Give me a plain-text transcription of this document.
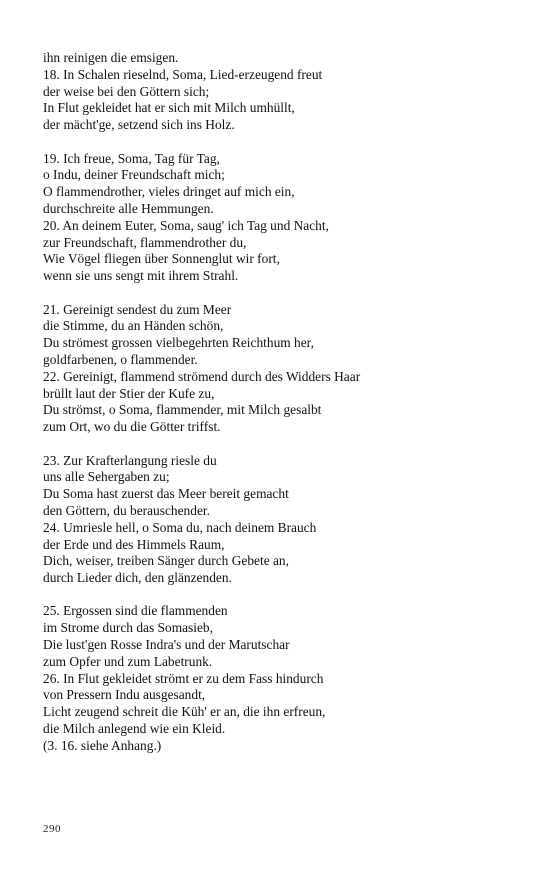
ihn reinigen die emsigen.
18. In Schalen rieselnd, Soma, Lied-erzeugend freut
der weise bei den Göttern sich;
In Flut gekleidet hat er sich mit Milch umhüllt,
der mächt'ge, setzend sich ins Holz.
19. Ich freue, Soma, Tag für Tag,
o Indu, deiner Freundschaft mich;
O flammendrother, vieles dringet auf mich ein,
durchschreite alle Hemmungen.
20. An deinem Euter, Soma, saug' ich Tag und Nacht,
zur Freundschaft, flammendrother du,
Wie Vögel fliegen über Sonnenglut wir fort,
wenn sie uns sengt mit ihrem Strahl.
21. Gereinigt sendest du zum Meer
die Stimme, du an Händen schön,
Du strömest grossen vielbegehrten Reichthum her,
goldfarbenen, o flammender.
22. Gereinigt, flammend strömend durch des Widders Haar
brüllt laut der Stier der Kufe zu,
Du strömst, o Soma, flammender, mit Milch gesalbt
zum Ort, wo du die Götter triffst.
23. Zur Krafterlangung riesle du
uns alle Sehergaben zu;
Du Soma hast zuerst das Meer bereit gemacht
den Göttern, du berauschender.
24. Umriesle hell, o Soma du, nach deinem Brauch
der Erde und des Himmels Raum,
Dich, weiser, treiben Sänger durch Gebete an,
durch Lieder dich, den glänzenden.
25. Ergossen sind die flammenden
im Strome durch das Somasieb,
Die lust'gen Rosse Indra's und der Marutschar
zum Opfer und zum Labetrunk.
26. In Flut gekleidet strömt er zu dem Fass hindurch
von Pressern Indu ausgesandt,
Licht zeugend schreit die Küh' er an, die ihn erfreun,
die Milch anlegend wie ein Kleid.
(3. 16. siehe Anhang.)
290
